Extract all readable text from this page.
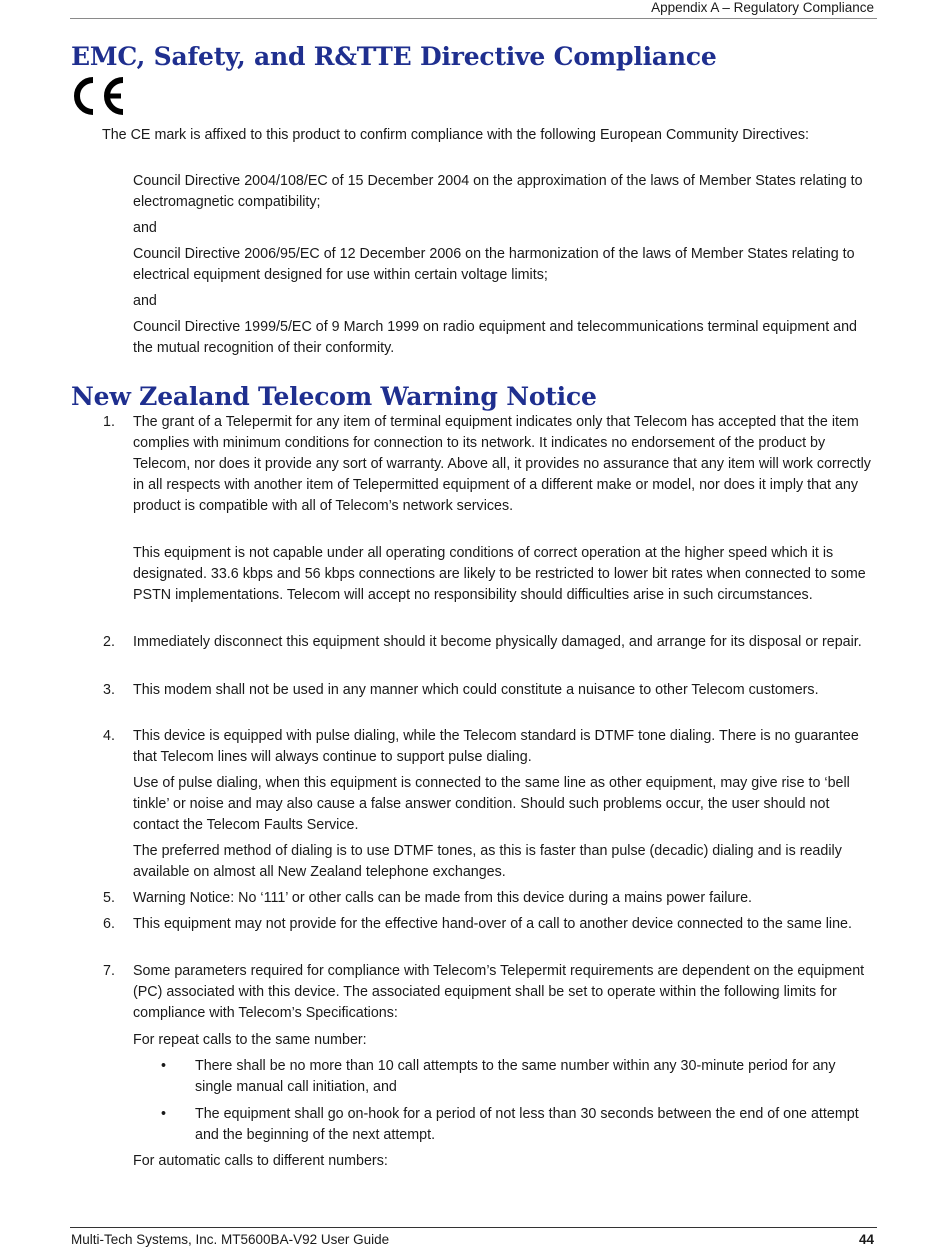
Appendix A – Regulatory Compliance
EMC, Safety, and R&TTE Directive Compliance

The CE mark is affixed to this product to confirm compliance with the following European Community Directives:

Council Directive 2004/108/EC of 15 December 2004 on the approximation of the laws of Member States relating to electromagnetic compatibility;

and

Council Directive 2006/95/EC of 12 December 2006 on the harmonization of the laws of Member States relating to electrical equipment designed for use within certain voltage limits;

and

Council Directive 1999/5/EC of 9 March 1999 on radio equipment and telecommunications terminal equipment and the mutual recognition of their conformity.

New Zealand Telecom Warning Notice
1. The grant of a Telepermit for any item of terminal equipment indicates only that Telecom has accepted that the item complies with minimum conditions for connection to its network. It indicates no endorsement of the product by Telecom, nor does it provide any sort of warranty. Above all, it provides no assurance that any item will work correctly in all respects with another item of Telepermitted equipment of a different make or model, nor does it imply that any product is compatible with all of Telecom’s network services.

This equipment is not capable under all operating conditions of correct operation at the higher speed which it is designated. 33.6 kbps and 56 kbps connections are likely to be restricted to lower bit rates when connected to some PSTN implementations. Telecom will accept no responsibility should difficulties arise in such circumstances.

2. Immediately disconnect this equipment should it become physically damaged, and arrange for its disposal or repair.

3. This modem shall not be used in any manner which could constitute a nuisance to other Telecom customers.

4. This device is equipped with pulse dialing, while the Telecom standard is DTMF tone dialing. There is no guarantee that Telecom lines will always continue to support pulse dialing.

Use of pulse dialing, when this equipment is connected to the same line as other equipment, may give rise to ‘bell tinkle’ or noise and may also cause a false answer condition. Should such problems occur, the user should not contact the Telecom Faults Service.

The preferred method of dialing is to use DTMF tones, as this is faster than pulse (decadic) dialing and is readily available on almost all New Zealand telephone exchanges.

5. Warning Notice: No ‘111’ or other calls can be made from this device during a mains power failure.

6. This equipment may not provide for the effective hand-over of a call to another device connected to the same line.

7. Some parameters required for compliance with Telecom’s Telepermit requirements are dependent on the equipment (PC) associated with this device. The associated equipment shall be set to operate within the following limits for compliance with Telecom’s Specifications:

For repeat calls to the same number:

• There shall be no more than 10 call attempts to the same number within any 30-minute period for any single manual call initiation, and

• The equipment shall go on-hook for a period of not less than 30 seconds between the end of one attempt and the beginning of the next attempt.

For automatic calls to different numbers:

Multi-Tech Systems, Inc. MT5600BA-V92 User Guide	44
